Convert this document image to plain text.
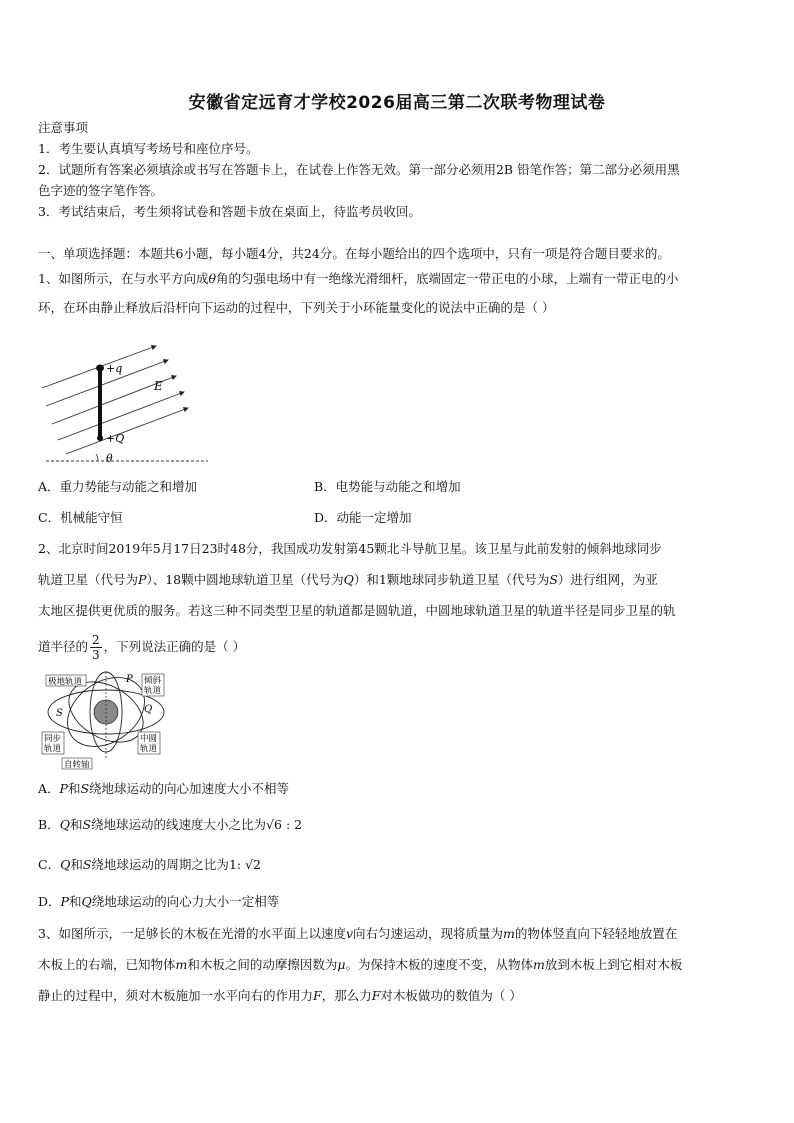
安徽省定远育才学校2026届高三第二次联考物理试卷
注意事项
1．考生要认真填写考场号和座位序号。
2．试题所有答案必须填涂或书写在答题卡上，在试卷上作答无效。第一部分必须用2B 铅笔作答；第二部分必须用黑
色字迹的签字笔作答。
3．考试结束后，考生须将试卷和答题卡放在桌面上，待监考员收回。
一、单项选择题：本题共6小题，每小题4分，共24分。在每小题给出的四个选项中，只有一项是符合题目要求的。
1、如图所示，在与水平方向成θ角的匀强电场中有一绝缘光滑细杆，底端固定一带正电的小球，上端有一带正电的小
环，在环由静止释放后沿杆向下运动的过程中，下列关于小环能量变化的说法中正确的是（ ）
+q
+Q
E
θ
A．重力势能与动能之和增加	B．电势能与动能之和增加
C．机械能守恒	D．动能一定增加
2、北京时间2019年5月17日23时48分，我国成功发射第45颗北斗导航卫星。该卫星与此前发射的倾斜地球同步
轨道卫星（代号为P）、18颗中圆地球轨道卫星（代号为Q）和1颗地球同步轨道卫星（代号为S）进行组网，为亚
太地区提供更优质的服务。若这三种不同类型卫星的轨道都是圆轨道，中圆地球轨道卫星的轨道半径是同步卫星的轨
道半径的 $\frac{2}{3}$ ，下列说法正确的是（ ）
极地轨道	P 倾斜
轨道
S	Q
同步
轨道
中圆
轨道
自转轴
A．P和S绕地球运动的向心加速度大小不相等
B．Q和S绕地球运动的线速度大小之比为√6 : 2
C．Q和S绕地球运动的周期之比为1: √2
D．P和Q绕地球运动的向心力大小一定相等
3、如图所示，一足够长的木板在光滑的水平面上以速度v向右匀速运动，现将质量为m的物体竖直向下轻轻地放置在
木板上的右端，已知物体m和木板之间的动摩擦因数为μ。为保持木板的速度不变，从物体m放到木板上到它相对木板
静止的过程中，须对木板施加一水平向右的作用力F，那么力F对木板做功的数值为（ ）
